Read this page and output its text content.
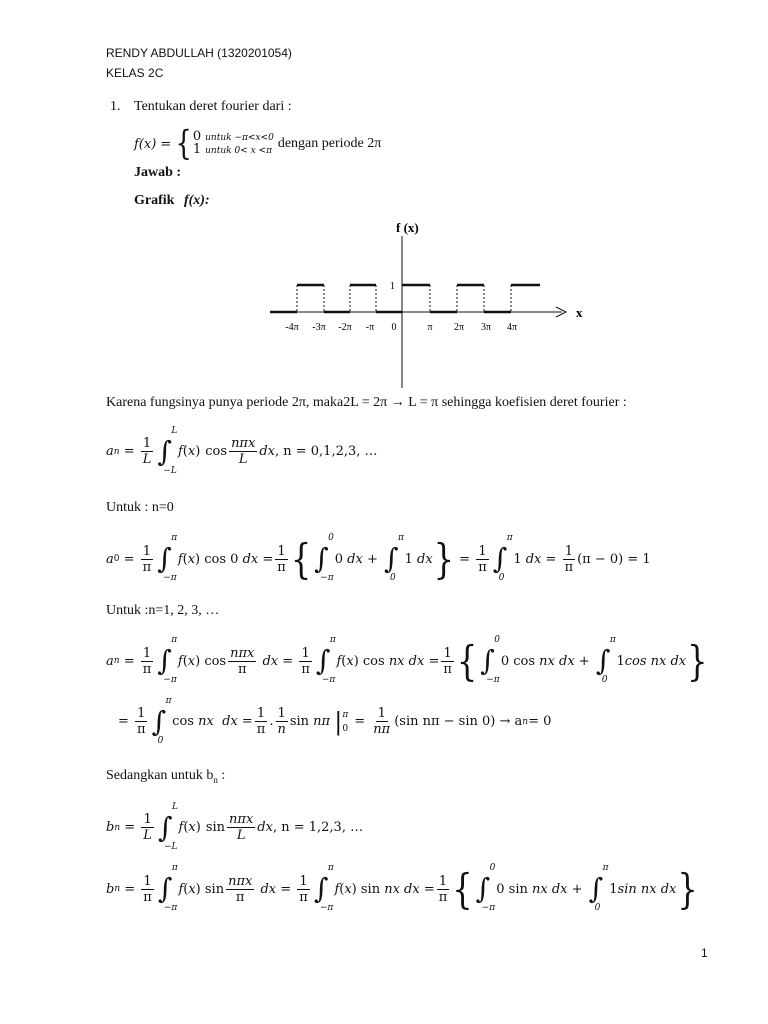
RENDY ABDULLAH (1320201054)
KELAS 2C
1. Tentukan deret fourier dari :
f(x) = { 0 untuk −π<x<0
1 untuk 0< x <π dengan periode 2π
Jawab :
Grafik f(x):
f (x)
x
1
-4π -3π -2π -π 0	π 2π 3π 4π
Karena fungsinya punya periode 2π, maka2L = 2π → L = π sehingga koefisien deret fourier :
a $n = \frac{1}{L}$ ∫
L
−L
f ( x ) $\cos \frac{\text{nπx}}{L}$ dx , n = 0,1,2,3, …
Untuk : n=0
a $0 = \frac{1}{\pi}$ ∫
π
−π
f ( x ) cos 0 dx = $\frac{1}{\pi}$ { ∫
0
−π
0 dx + ∫
π
0
1 dx } = $\frac{1}{\pi}$ ∫
π
0
1 dx = $\frac{1}{\pi} (\pi - 0) = 1$
Untuk :n=1, 2, 3, …
a $n = \frac{1}{\pi}$ ∫
π
−π
f ( x ) $\cos \frac{\text{nπx}}{\pi}$
dx = $\frac{1}{\pi}$ ∫
π
−π
f ( x ) cos nx dx = $\frac{1}{\pi}$ { ∫
0
−π
0 cos nx dx + ∫
π
0
1 cos
nx dx }
= $\frac{1}{\pi}$ ∫
π
0
cos nx
dx = $\frac{1}{\pi}$ . $\frac{1}{n}$ sin nπ
| π
$0 = \frac{1}{n\pi} (\sin$ nπ − sin 0) → a n = 0
Sedangkan untuk $b_n$ :
b $n = \frac{1}{L}$ ∫
L
−L
f ( x ) $\sin \frac{\text{nπx}}{L}$ dx , n = 1,2,3, …
b $n = \frac{1}{\pi}$ ∫
π
−π
f ( x ) $\sin \frac{\text{nπx}}{\pi}$
dx = $\frac{1}{\pi}$ ∫
π
−π
f ( x ) sin nx dx = $\frac{1}{\pi}$ { ∫
0
−π
0 sin nx dx + ∫
π
0
1 sin
nx dx }
1
